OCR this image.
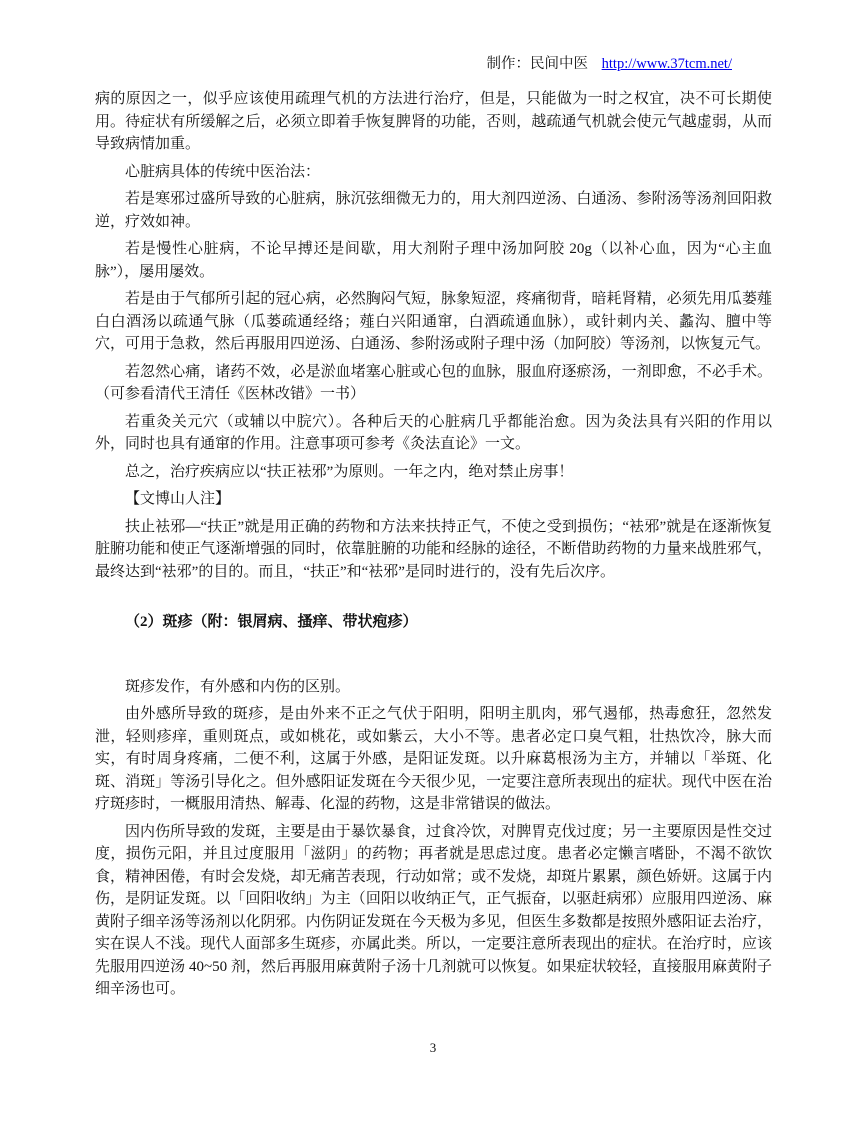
制作：民间中医 http://www.37tcm.net/

病的原因之一，似乎应该使用疏理气机的方法进行治疗，但是，只能做为一时之权宜，决不可长期使用。待症状有所缓解之后，必须立即着手恢复脾肾的功能，否则，越疏通气机就会使元气越虚弱，从而导致病情加重。

心脏病具体的传统中医治法：

若是寒邪过盛所导致的心脏病，脉沉弦细微无力的，用大剂四逆汤、白通汤、参附汤等汤剂回阳救逆，疗效如神。

若是慢性心脏病，不论早搏还是间歇，用大剂附子理中汤加阿胶 20g（以补心血，因为“心主血脉”），屡用屡效。

若是由于气郁所引起的冠心病，必然胸闷气短，脉象短涩，疼痛彻背，暗耗肾精，必须先用瓜蒌薤白白酒汤以疏通气脉（瓜蒌疏通经络；薤白兴阳通窜，白酒疏通血脉），或针刺内关、蠡沟、膻中等穴，可用于急救，然后再服用四逆汤、白通汤、参附汤或附子理中汤（加阿胶）等汤剂，以恢复元气。

若忽然心痛，诸药不效，必是淤血堵塞心脏或心包的血脉，服血府逐瘀汤，一剂即愈，不必手术。（可参看清代王清任《医林改错》一书）

若重灸关元穴（或辅以中脘穴）。各种后天的心脏病几乎都能治愈。因为灸法具有兴阳的作用以外，同时也具有通窜的作用。注意事项可参考《灸法直论》一文。

总之，治疗疾病应以“扶正袪邪”为原则。一年之内，绝对禁止房事！

【文博山人注】

扶止袪邪—“扶正”就是用正确的药物和方法来扶持正气，不使之受到损伤；“袪邪”就是在逐渐恢复脏腑功能和使正气逐渐增强的同时，依靠脏腑的功能和经脉的途径，不断借助药物的力量来战胜邪气，最终达到“袪邪”的目的。而且，“扶正”和“袪邪”是同时进行的，没有先后次序。

（2）斑疹（附：银屑病、搔痒、带状疱疹）

斑疹发作，有外感和内伤的区别。

由外感所导致的斑疹，是由外来不正之气伏于阳明，阳明主肌肉，邪气遏郁，热毒愈狂，忽然发泄，轻则疹痒，重则斑点，或如桃花，或如紫云，大小不等。患者必定口臭气粗，壮热饮冷，脉大而实，有时周身疼痛，二便不利，这属于外感，是阳证发斑。以升麻葛根汤为主方，并辅以「举斑、化斑、消斑」等汤引导化之。但外感阳证发斑在今天很少见，一定要注意所表现出的症状。现代中医在治疗斑疹时，一概服用清热、解毒、化湿的药物，这是非常错误的做法。

因内伤所导致的发斑，主要是由于暴饮暴食，过食冷饮，对脾胃克伐过度；另一主要原因是性交过度，损伤元阳，并且过度服用「滋阴」的药物；再者就是思虑过度。患者必定懒言嗜卧，不渴不欲饮食，精神困倦，有时会发烧，却无痛苦表现，行动如常；或不发烧，却斑片累累，颜色娇妍。这属于内伤，是阴证发斑。以「回阳收纳」为主（回阳以收纳正气，正气振奋，以驱赶病邪）应服用四逆汤、麻黄附子细辛汤等汤剂以化阴邪。内伤阴证发斑在今天极为多见，但医生多数都是按照外感阳证去治疗，实在误人不浅。现代人面部多生斑疹，亦属此类。所以，一定要注意所表现出的症状。在治疗时，应该先服用四逆汤 40~50 剂，然后再服用麻黄附子汤十几剂就可以恢复。如果症状较轻，直接服用麻黄附子细辛汤也可。

3
